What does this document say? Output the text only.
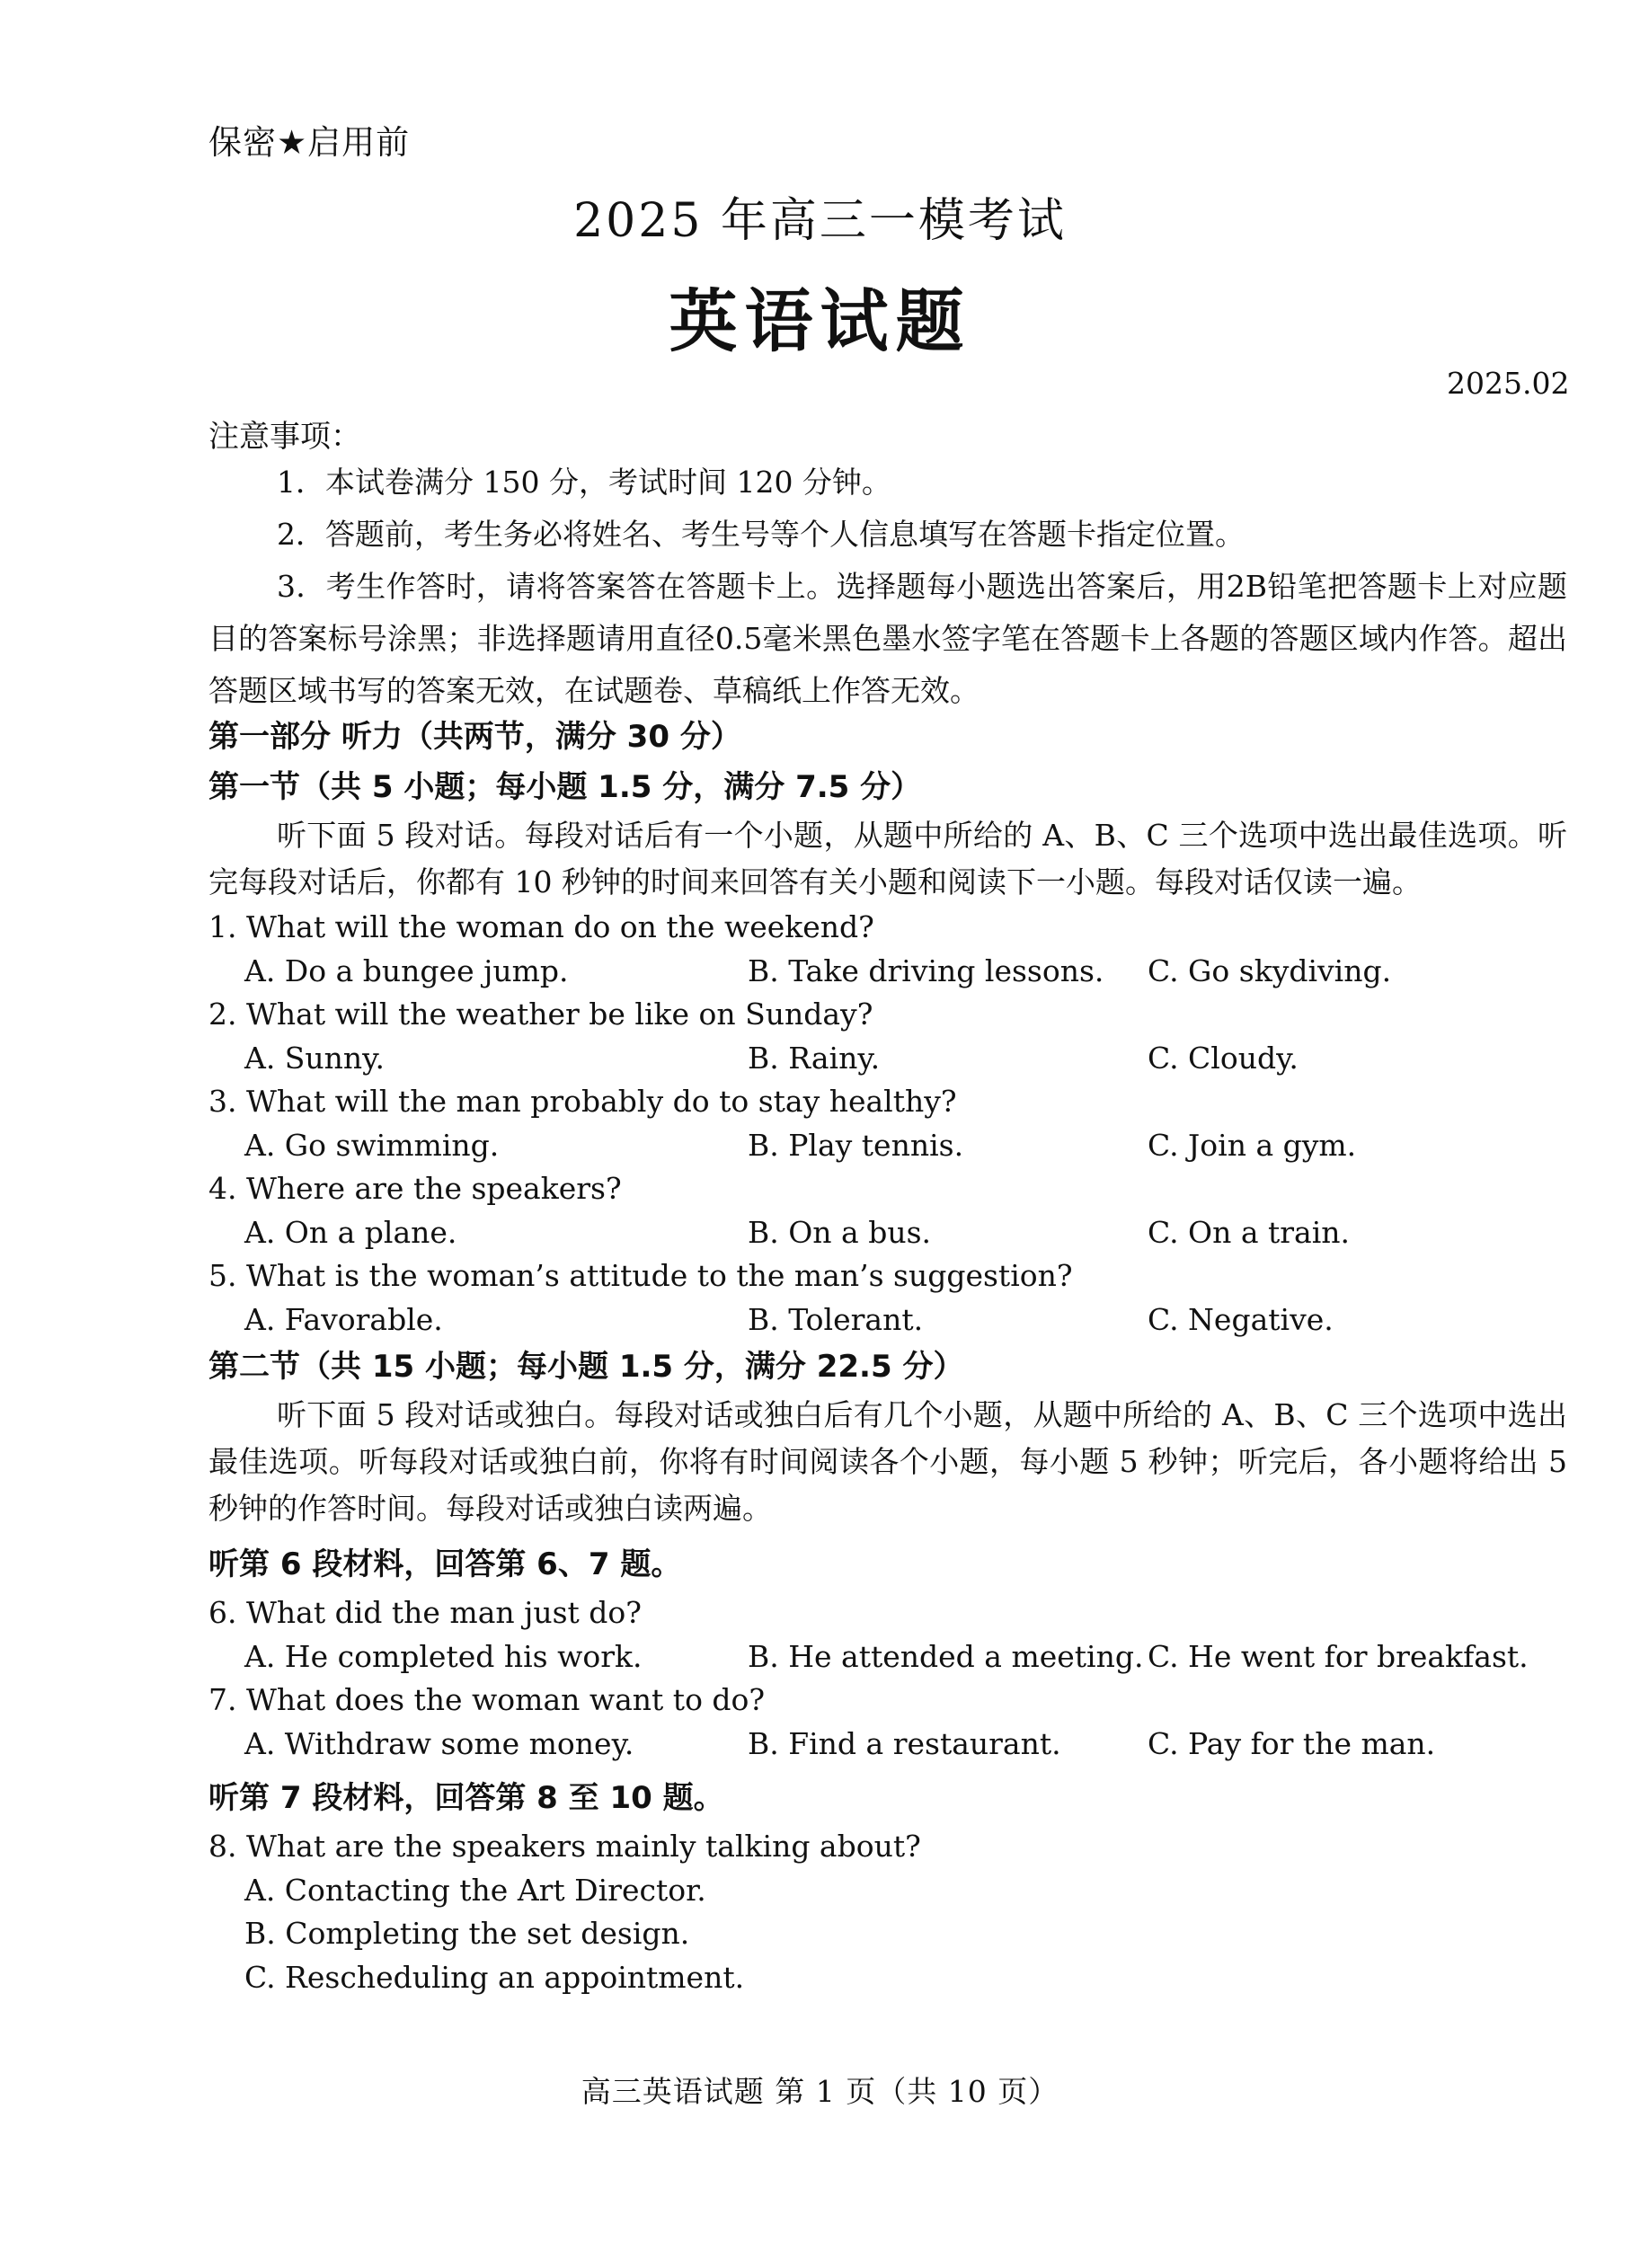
保密★启用前
2025 年高三一模考试
英语试题
2025.02
注意事项：

1．本试卷满分 150 分，考试时间 120 分钟。

2．答题前，考生务必将姓名、考生号等个人信息填写在答题卡指定位置。

3．考生作答时，请将答案答在答题卡上。选择题每小题选出答案后，用2B铅笔把答题卡上对应题目的答案标号涂黑；非选择题请用直径0.5毫米黑色墨水签字笔在答题卡上各题的答题区域内作答。超出答题区域书写的答案无效，在试题卷、草稿纸上作答无效。

第一部分 听力（共两节，满分 30 分）
第一节（共 5 小题；每小题 1.5 分，满分 7.5 分）

听下面 5 段对话。每段对话后有一个小题，从题中所给的 A、B、C 三个选项中选出最佳选项。听完每段对话后，你都有 10 秒钟的时间来回答有关小题和阅读下一小题。每段对话仅读一遍。

1. What will the woman do on the weekend?
A. Do a bungee jump.	B. Take driving lessons. C. Go skydiving.
2. What will the weather be like on Sunday?
A. Sunny.	B. Rainy.	C. Cloudy.
3. What will the man probably do to stay healthy?
A. Go swimming.	B. Play tennis.	C. Join a gym.
4. Where are the speakers?
A. On a plane.	B. On a bus.	C. On a train.
5. What is the woman’s attitude to the man’s suggestion?
A. Favorable.	B. Tolerant.	C. Negative.
第二节（共 15 小题；每小题 1.5 分，满分 22.5 分）

听下面 5 段对话或独白。每段对话或独白后有几个小题，从题中所给的 A、B、C 三个选项中选出最佳选项。听每段对话或独白前，你将有时间阅读各个小题，每小题 5 秒钟；听完后，各小题将给出 5 秒钟的作答时间。每段对话或独白读两遍。

听第 6 段材料，回答第 6、7 题。
6. What did the man just do?
A. He completed his work.	B. He attended a meeting. C. He went for breakfast.
7. What does the woman want to do?
A. Withdraw some money.	B. Find a restaurant.	C. Pay for the man.
听第 7 段材料，回答第 8 至 10 题。
8. What are the speakers mainly talking about?
A. Contacting the Art Director.
B. Completing the set design.
C. Rescheduling an appointment.
高三英语试题 第 1 页（共 10 页）
